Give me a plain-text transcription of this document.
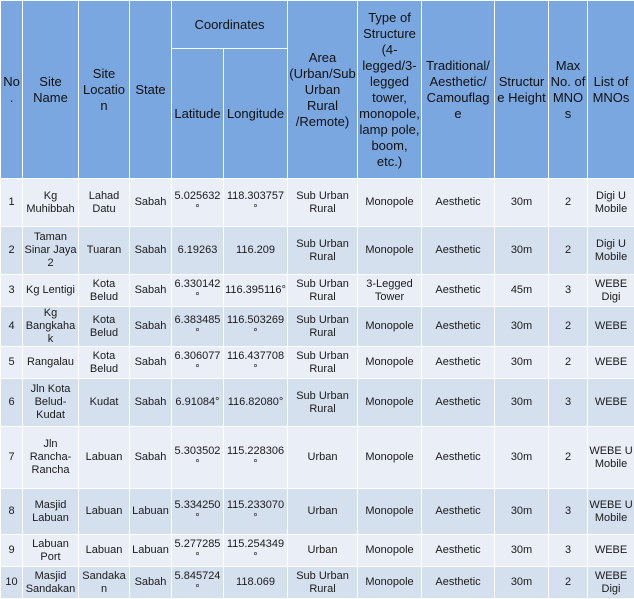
No.	Site Name	Site Location	State	Coordinates		Area (Urban/Sub Urban Rural /Remote)	Type of Structure (4-legged/3-legged tower, monopole, lamp pole, boom, etc.)	Traditional/ Aesthetic/ Camouflage	Structure Height	Max No. of MNOs	List of MNOs
				Latitude	Longitude						
1	Kg Muhibbah	Lahad Datu	Sabah	5.025632°	118.303757°	Sub Urban Rural	Monopole	Aesthetic	30m	2	Digi U Mobile
2	Taman Sinar Jaya 2	Tuaran	Sabah	6.19263	116.209	Sub Urban Rural	Monopole	Aesthetic	30m	2	Digi U Mobile
3	Kg Lentigi	Kota Belud	Sabah	6.330142°	116.395116°	Sub Urban Rural	3-Legged Tower	Aesthetic	45m	3	WEBE Digi
4	Kg Bangkahak	Kota Belud	Sabah	6.383485°	116.503269°	Sub Urban Rural	Monopole	Aesthetic	30m	2	WEBE
5	Rangalau	Kota Belud	Sabah	6.306077°	116.437708°	Sub Urban Rural	Monopole	Aesthetic	30m	2	WEBE
6	Jln Kota Belud-Kudat	Kudat	Sabah	6.91084°	116.82080°	Sub Urban Rural	Monopole	Aesthetic	30m	3	WEBE
7	Jln Rancha-Rancha	Labuan	Sabah	5.303502°	115.228306°	Urban	Monopole	Aesthetic	30m	2	WEBE U Mobile
8	Masjid Labuan	Labuan	Labuan	5.334250°	115.233070°	Urban	Monopole	Aesthetic	30m	3	WEBE U Mobile
9	Labuan Port	Labuan	Labuan	5.277285°	115.254349°	Urban	Monopole	Aesthetic	30m	3	WEBE
10	Masjid Sandakan	Sandakan	Sabah	5.845724°	118.069	Sub Urban Rural	Monopole	Aesthetic	30m	2	WEBE Digi
